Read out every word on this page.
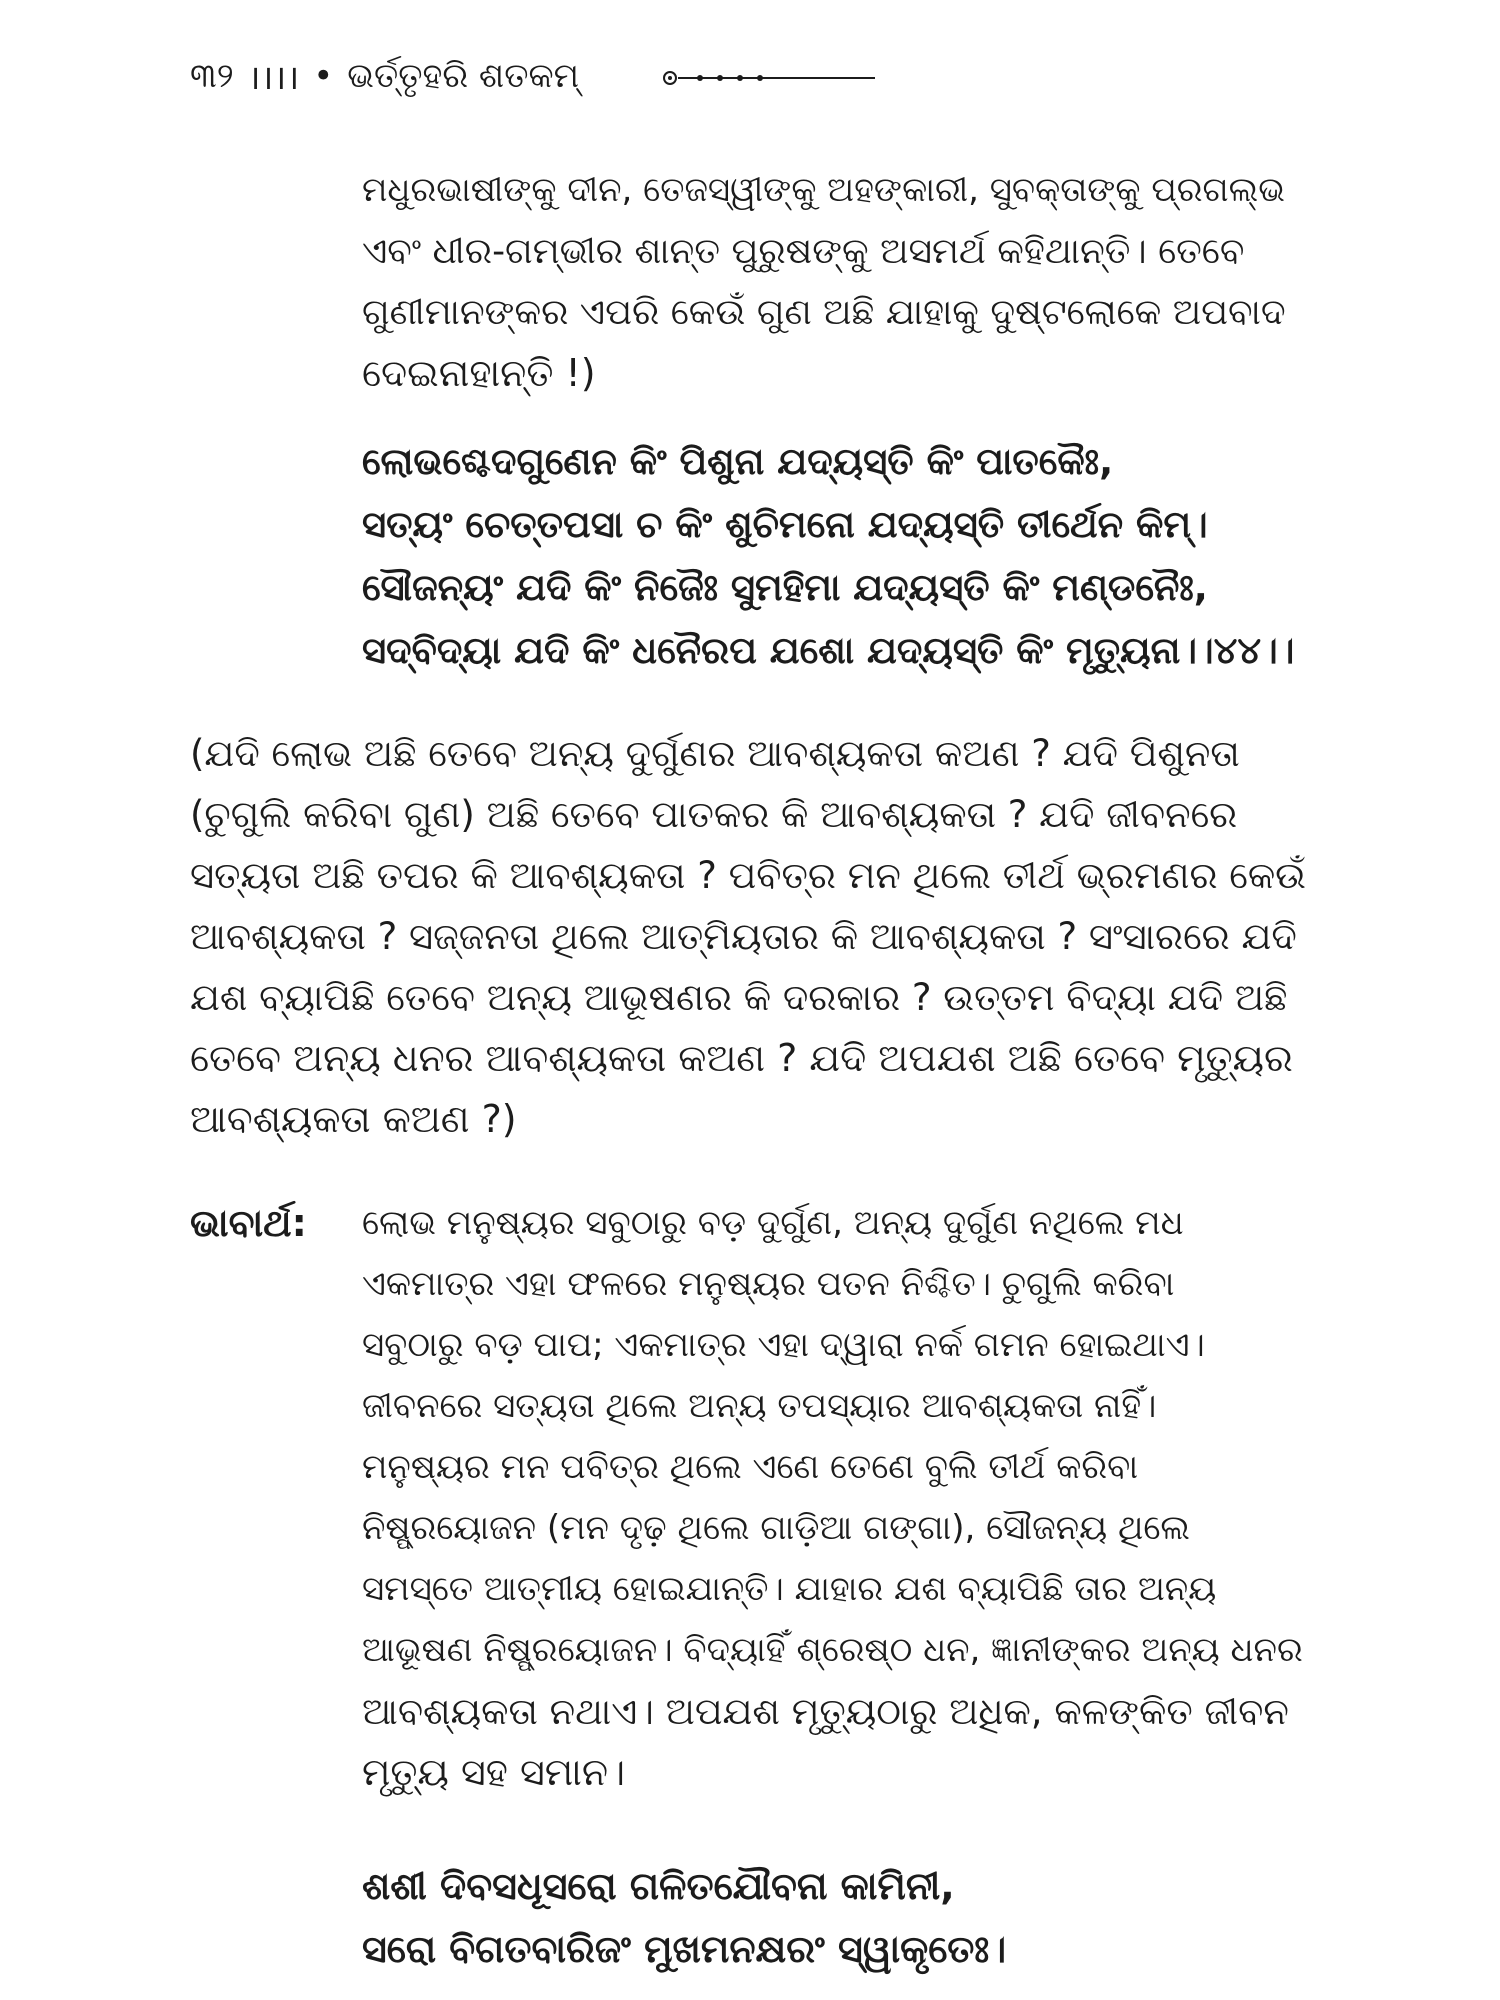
୩୨ ।।।। • ଭର୍ତ୍ତୃହରି ଶତକମ୍
ମଧୁରଭାଷୀଙ୍କୁ ଦୀନ, ତେଜସ୍ୱୀଙ୍କୁ ଅହଙ୍କାରୀ, ସୁବକ୍ତାଙ୍କୁ ପ୍ରଗଲ୍‌ଭ
ଏବଂ ଧୀର-ଗମ୍ଭୀର ଶାନ୍ତ ପୁରୁଷଙ୍କୁ ଅସମର୍ଥ କହିଥାନ୍ତି। ତେବେ
ଗୁଣୀମାନଙ୍କର ଏପରି କେଉଁ ଗୁଣ ଅଛି ଯାହାକୁ ଦୁଷ୍ଟଲୋକେ ଅପବାଦ
ଦେଇନାହାନ୍ତି !)
ଲୋଭଶ୍ଚେଦଗୁଣେନ କିଂ ପିଶୁନା ଯଦ୍ୟସ୍ତି କିଂ ପାତକୈଃ,
ସତ୍ୟଂ ଚେତ୍ତପସା ଚ କିଂ ଶୁଚିମନୋ ଯଦ୍ୟସ୍ତି ତୀର୍ଥେନ କିମ୍।
ସୌଜନ୍ୟଂ ଯଦି କିଂ ନିଜୈଃ ସୁମହିମା ଯଦ୍ୟସ୍ତି କିଂ ମଣ୍ଡନୈଃ,
ସଦ୍ବିଦ୍ୟା ଯଦି କିଂ ଧନୈରପ ଯଶୋ ଯଦ୍ୟସ୍ତି କିଂ ମୃତ୍ୟୁନା।।୪୪।।
(ଯଦି ଲୋଭ ଅଛି ତେବେ ଅନ୍ୟ ଦୁର୍ଗୁଣର ଆବଶ୍ୟକତା କଅଣ ? ଯଦି ପିଶୁନତା
(ଚୁଗୁଲି କରିବା ଗୁଣ) ଅଛି ତେବେ ପାତକର କି ଆବଶ୍ୟକତା ? ଯଦି ଜୀବନରେ
ସତ୍ୟତା ଅଛି ତପର କି ଆବଶ୍ୟକତା ? ପବିତ୍ର ମନ ଥିଲେ ତୀର୍ଥ ଭ୍ରମଣର କେଉଁ
ଆବଶ୍ୟକତା ? ସଜ୍ଜନତା ଥିଲେ ଆତ୍ମିୟତାର କି ଆବଶ୍ୟକତା ? ସଂସାରରେ ଯଦି
ଯଶ ବ୍ୟାପିଛି ତେବେ ଅନ୍ୟ ଆଭୂଷଣର କି ଦରକାର ? ଉତ୍ତମ ବିଦ୍ୟା ଯଦି ଅଛି
ତେବେ ଅନ୍ୟ ଧନର ଆବଶ୍ୟକତା କଅଣ ? ଯଦି ଅପଯଶ ଅଛି ତେବେ ମୃତ୍ୟୁର
ଆବଶ୍ୟକତା କଅଣ ?)
ଭାବାର୍ଥ: ଲୋଭ ମନୁଷ୍ୟର ସବୁଠାରୁ ବଡ଼ ଦୁର୍ଗୁଣ, ଅନ୍ୟ ଦୁର୍ଗୁଣ ନଥିଲେ ମଧ
ଏକମାତ୍ର ଏହା ଫଳରେ ମନୁଷ୍ୟର ପତନ ନିଶ୍ଚିତ। ଚୁଗୁଲି କରିବା
ସବୁଠାରୁ ବଡ଼ ପାପ; ଏକମାତ୍ର ଏହା ଦ୍ୱାରା ନର୍କ ଗମନ ହୋଇଥାଏ।
ଜୀବନରେ ସତ୍ୟତା ଥିଲେ ଅନ୍ୟ ତପସ୍ୟାର ଆବଶ୍ୟକତା ନାହିଁ।
ମନୁଷ୍ୟର ମନ ପବିତ୍ର ଥିଲେ ଏଣେ ତେଣେ ବୁଲି ତୀର୍ଥ କରିବା
ନିଷ୍ପ୍ରୟୋଜନ (ମନ ଦୃଢ଼ ଥିଲେ ଗାଡ଼ିଆ ଗଙ୍ଗା), ସୌଜନ୍ୟ ଥିଲେ
ସମସ୍ତେ ଆତ୍ମୀୟ ହୋଇଯାନ୍ତି। ଯାହାର ଯଶ ବ୍ୟାପିଛି ତାର ଅନ୍ୟ
ଆଭୂଷଣ ନିଷ୍ପ୍ରୟୋଜନ। ବିଦ୍ୟାହିଁ ଶ୍ରେଷ୍ଠ ଧନ, ଜ୍ଞାନୀଙ୍କର ଅନ୍ୟ ଧନର
ଆବଶ୍ୟକତା ନଥାଏ। ଅପଯଶ ମୃତ୍ୟୁଠାରୁ ଅଧିକ, କଳଙ୍କିତ ଜୀବନ
ମୃତ୍ୟୁ ସହ ସମାନ।
ଶଶୀ ଦିବସଧୂସରୋ ଗଳିତଯୌବନା କାମିନୀ,
ସରୋ ବିଗତବାରିଜଂ ମୁଖମନକ୍ଷରଂ ସ୍ୱାକୃତେଃ।
